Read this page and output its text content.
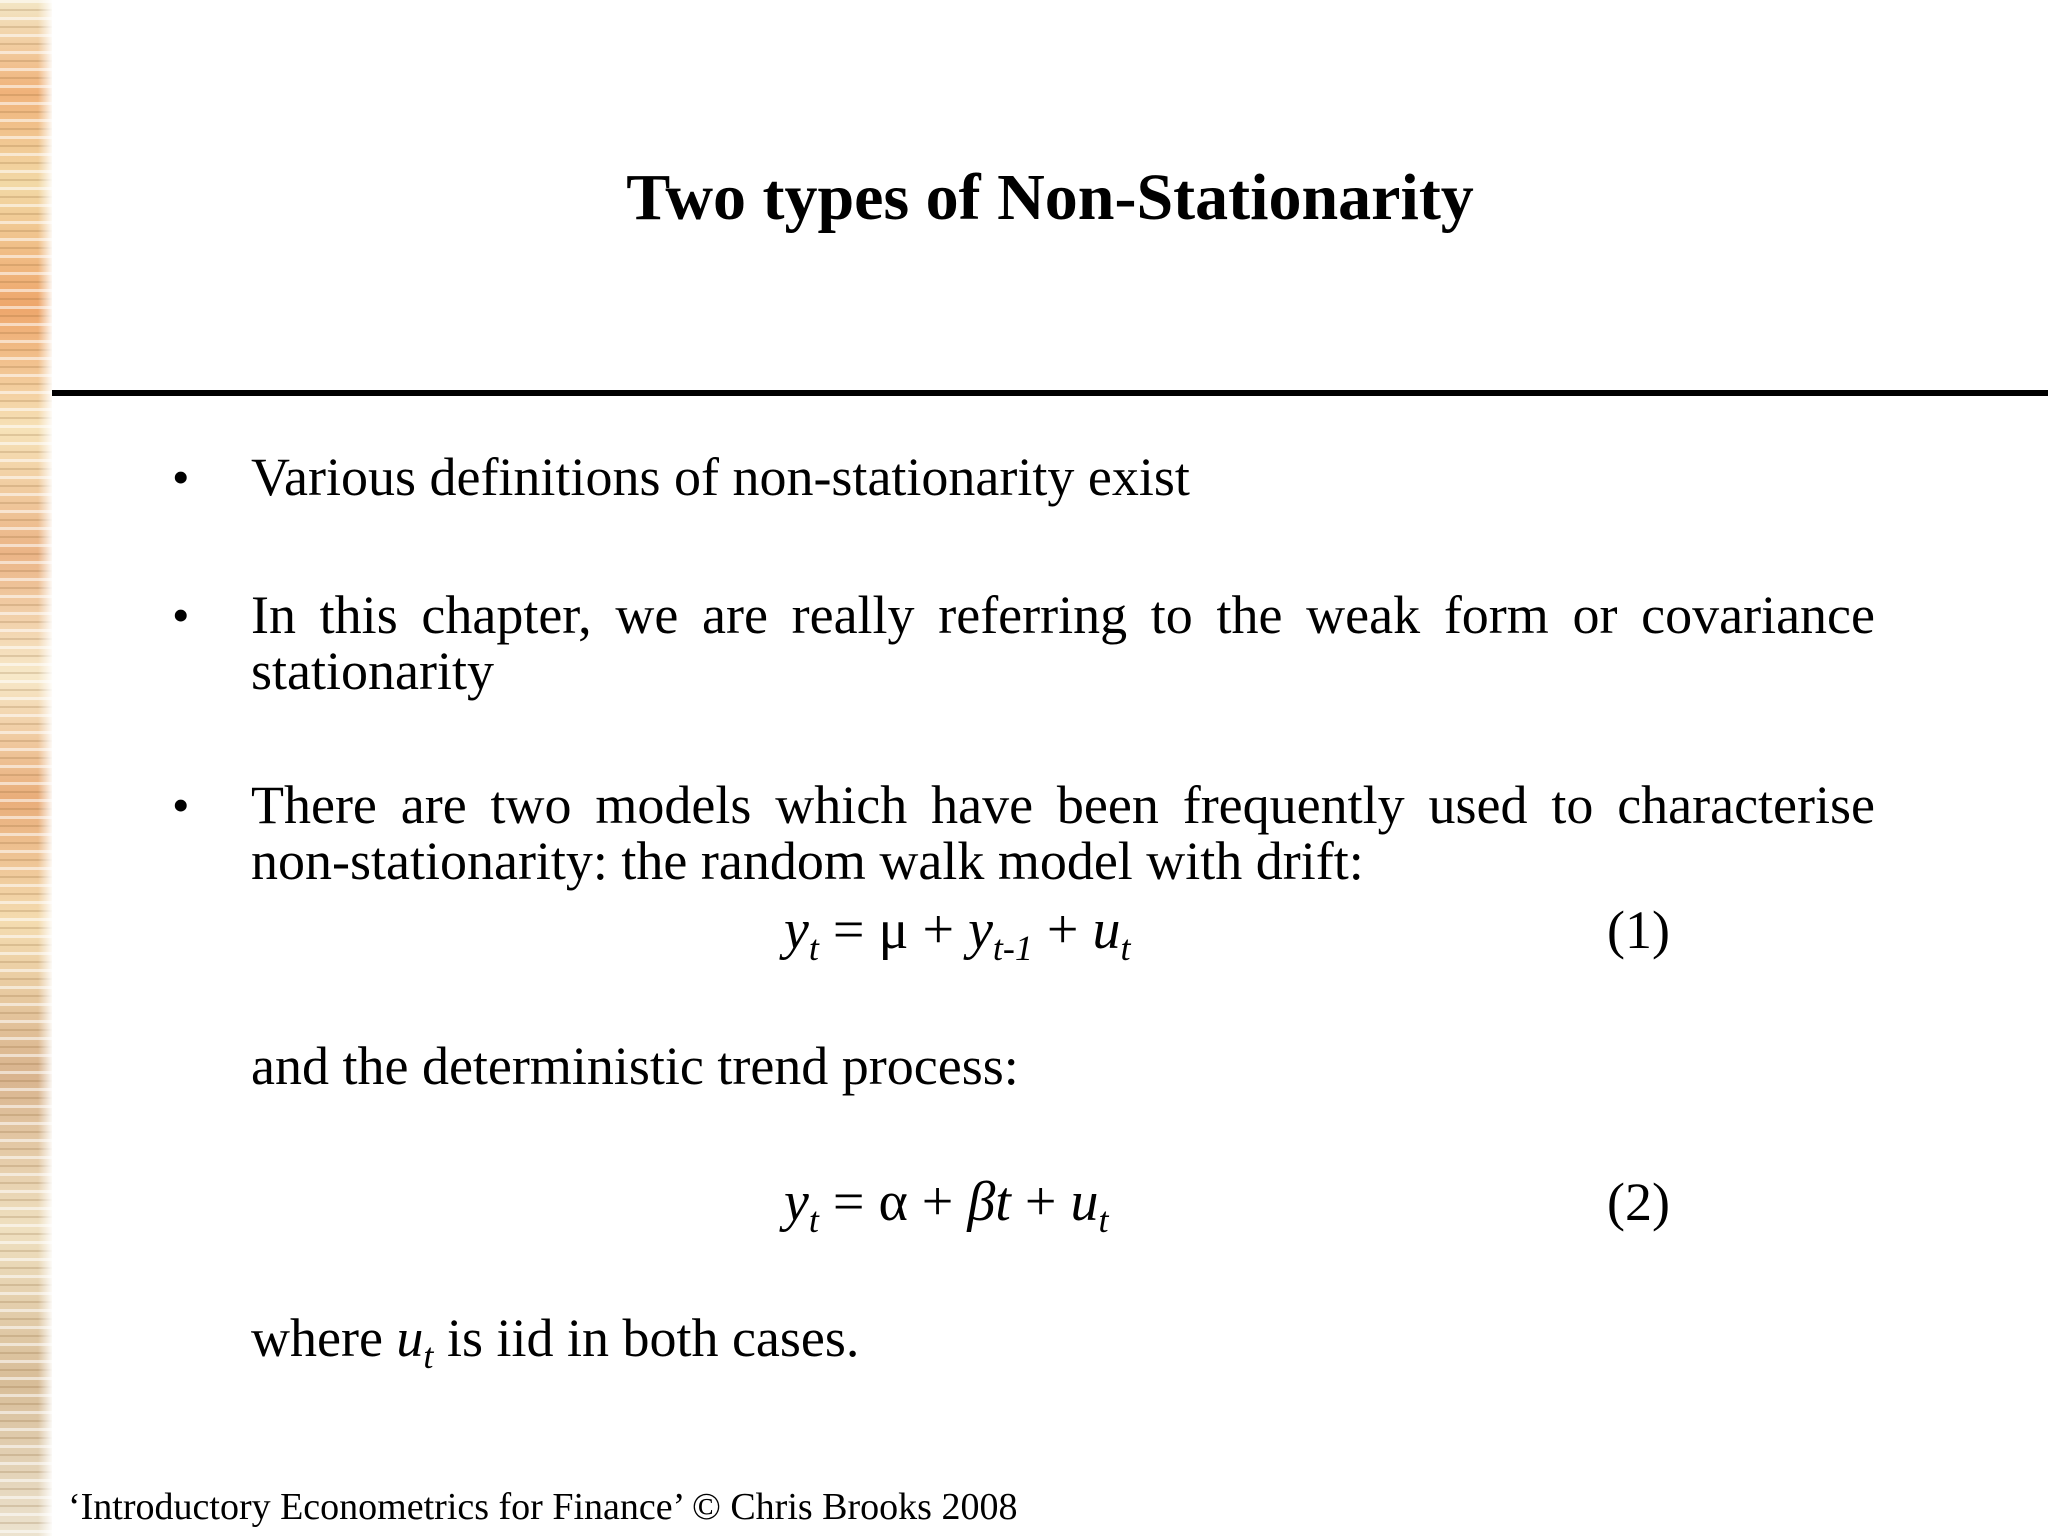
Two types of Non-Stationarity
• Various definitions of non-stationarity exist
• In this chapter, we are really referring to the weak form or covariance stationarity
• There are two models which have been frequently used to characterise non-stationarity: the random walk model with drift:
$y_t = \mu + y_{t-1} + u_t$	(1)
and the deterministic trend process:
$y_t = \alpha + \beta t + u_t$	(2)
where $u_t$ is iid in both cases.
‘Introductory Econometrics for Finance’ © Chris Brooks 2008
